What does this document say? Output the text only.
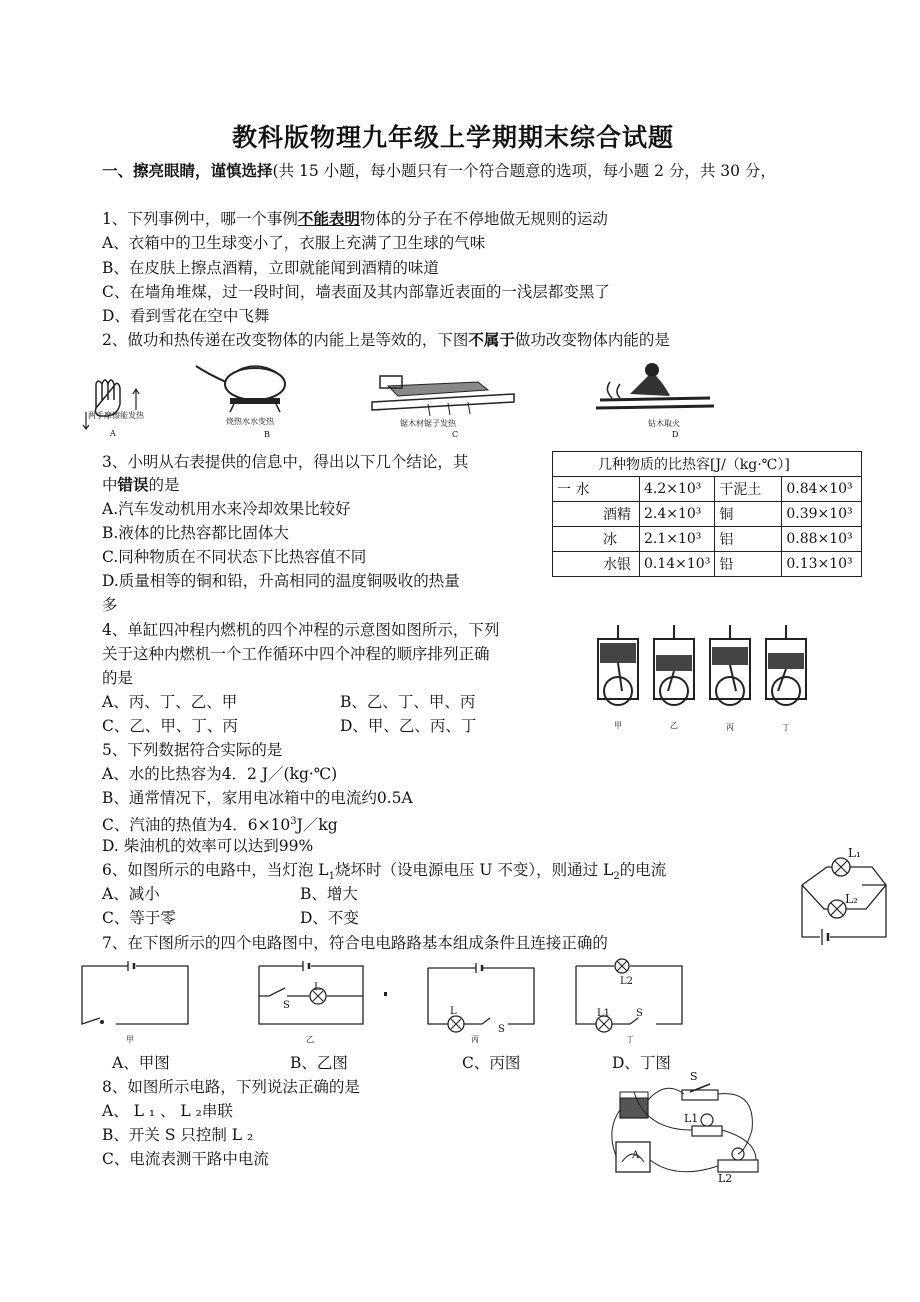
教科版物理九年级上学期期末综合试题
一、擦亮眼睛，谨慎选择(共 15 小题，每小题只有一个符合题意的选项，每小题 2 分，共 30 分，
1、下列事例中，哪一个事例不能表明物体的分子在不停地做无规则的运动
A、衣箱中的卫生球变小了，衣服上充满了卫生球的气味
B、在皮肤上擦点酒精，立即就能闻到酒精的味道
C、在墙角堆煤，过一段时间，墙表面及其内部靠近表面的一浅层都变黑了
D、看到雪花在空中飞舞
2、做功和热传递在改变物体的内能上是等效的，下图不属于做功改变物体内能的是
两手摩擦能发热
A
烧热水水变热
B
锯木材锯子发热
C
钻木取火
D
3、小明从右表提供的信息中，得出以下几个结论，其
中错误的是
A.汽车发动机用水来冷却效果比较好
B.液体的比热容都比固体大
C.同种物质在不同状态下比热容值不同
D.质量相等的铜和铅，升高相同的温度铜吸收的热量
多
几种物质的比热容[J/（kg·℃）]			
一 水	4.2×10³	干泥土	0.84×10³
酒精	2.4×10³	铜	0.39×10³
冰	2.1×10³	铝	0.88×10³
水银	0.14×10³	铅	0.13×10³
4、单缸四冲程内燃机的四个冲程的示意图如图所示，下列
关于这种内燃机一个工作循环中四个冲程的顺序排列正确
的是
A、丙、丁、乙、甲	B、乙、丁、甲、丙
C、乙、甲、丁、丙	D、甲、乙、丙、丁	甲	乙	丙	丁
5、下列数据符合实际的是
A、水的比热容为4．2 J／(kg·℃)
B、通常情况下，家用电冰箱中的电流约0.5A
C、汽油的热值为4．$6\times 10^3J/kg$
D. 柴油机的效率可以达到99%
6、如图所示的电路中，当灯泡 $L_1$烧坏时（设电源电压 U 不变），则通过 $L_2$的电流
A、减小	B、增大
C、等于零	D、不变
L₁
L₂
7、在下图所示的四个电路图中，符合电电路路基本组成条件且连接正确的
甲
L
S
乙
L
S
丙
L2
L1	S
丁
A、甲图	B、乙图	C、丙图	D、丁图
8、如图所示电路，下列说法正确的是
A、 L ₁ 、 L ₂串联
B、开关 S 只控制 L ₂
C、电流表测干路中电流
S
L1
A
L2
